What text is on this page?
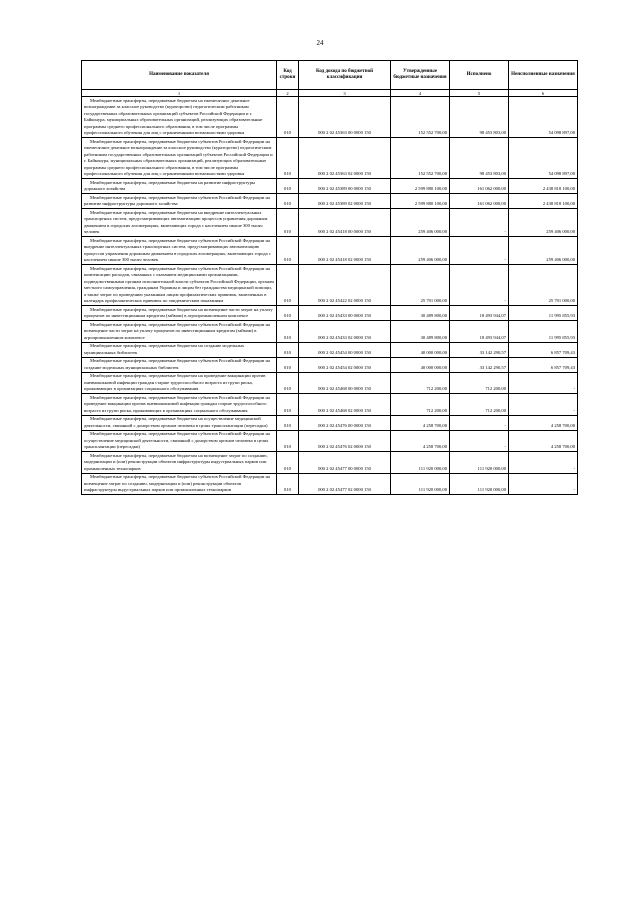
24
Наименование показателя	Код строки	Код дохода по бюджетной классификации	Утвержденные бюджетные назначения	Исполнено	Неисполненные назначения
1	2	3	4	5	6
Межбюджетные трансферты, передаваемые бюджетам на ежемесячное денежное вознаграждение за классное руководство (кураторство) педагогическим работникам государственных образовательных организаций субъектов Российской Федерации и г. Байконура, муниципальных образовательных организаций, реализующих образовательные программы среднего профессионального образования, в том числе программы профессионального обучения для лиц с ограниченными возможностями здоровья	010	000 2 02 45363 00 0000 150	152 552 700,00	98 453 803,00	54 098 897,00
Межбюджетные трансферты, передаваемые бюджетам субъектов Российской Федерации на ежемесячное денежное вознаграждение за классное руководство (кураторство) педагогическим работникам государственных образовательных организаций субъектов Российской Федерации и г. Байконура, муниципальных образовательных организаций, реализующих образовательные программы среднего профессионального образования, в том числе программы профессионального обучения для лиц с ограниченными возможностями здоровья	010	000 2 02 45363 02 0000 150	152 552 700,00	98 453 803,00	54 098 897,00
Межбюджетные трансферты, передаваемые бюджетам на развитие инфраструктуры дорожного хозяйства	010	000 2 02 45389 00 0000 150	2 599 880 100,00	161 062 000,00	2 438 818 100,00
Межбюджетные трансферты, передаваемые бюджетам субъектов Российской Федерации на развитие инфраструктуры дорожного хозяйства	010	000 2 02 45389 02 0000 150	2 599 880 100,00	161 062 000,00	2 438 818 100,00
Межбюджетные трансферты, передаваемые бюджетам на внедрение интеллектуальных транспортных систем, предусматривающих автоматизацию процессов управления дорожным движением в городских агломерациях, включающих города с населением свыше 300 тысяч человек	010	000 2 02 45418 00 0000 150	259 406 000,00	-	259 406 000,00
Межбюджетные трансферты, передаваемые бюджетам субъектов Российской Федерации на внедрение интеллектуальных транспортных систем, предусматривающих автоматизацию процессов управления дорожным движением в городских агломерациях, включающих города с населением свыше 300 тысяч человек	010	000 2 02 45418 02 0000 150	259 406 000,00	-	259 406 000,00
Межбюджетные трансферты, передаваемые бюджетам субъектов Российской Федерации на компенсацию расходов, связанных с оказанием медицинскими организациями, подведомственными органам исполнительной власти субъектов Российской Федерации, органам местного самоуправления, гражданам Украины и лицам без гражданства медицинской помощи, а также затрат по проведению указанным лицам профилактических прививок, включенных в календарь профилактических прививок по эпидемическим показаниям	010	000 2 02 45422 02 0000 150	25 701 000,00	-	25 701 000,00
Межбюджетные трансферты, передаваемые бюджетам на возмещение части затрат на уплату процентов по инвестиционным кредитам (займам) в агропромышленном комплексе	010	000 2 02 45433 00 0000 150	30 489 800,00	18 493 944,07	11 995 855,93
Межбюджетные трансферты, передаваемые бюджетам субъектов Российской Федерации на возмещение части затрат на уплату процентов по инвестиционным кредитам (займам) в агропромышленном комплексе	010	000 2 02 45433 02 0000 150	30 489 800,00	18 493 944,07	11 995 855,93
Межбюджетные трансферты, передаваемые бюджетам на создание модельных муниципальных библиотек	010	000 2 02 45454 00 0000 150	40 000 000,00	33 142 290,57	6 857 709,43
Межбюджетные трансферты, передаваемые бюджетам субъектов Российской Федерации на создание модельных муниципальных библиотек	010	000 2 02 45454 02 0000 150	40 000 000,00	33 142 290,57	6 857 709,43
Межбюджетные трансферты, передаваемые бюджетам на проведение вакцинации против пневмококковой инфекции граждан старше трудоспособного возраста из групп риска, проживающих в организациях социального обслуживания	010	000 2 02 45468 00 0000 150	712 200,00	712 200,00	-
Межбюджетные трансферты, передаваемые бюджетам субъектов Российской Федерации на проведение вакцинации против пневмококковой инфекции граждан старше трудоспособного возраста из групп риска, проживающих в организациях социального обслуживания	010	000 2 02 45468 02 0000 150	712 200,00	712 200,00	-
Межбюджетные трансферты, передаваемые бюджетам на осуществление медицинской деятельности, связанной с донорством органов человека в целях трансплантации (пересадки)	010	000 2 02 45476 00 0000 150	4 258 700,00	-	4 258 700,00
Межбюджетные трансферты, передаваемые бюджетам субъектов Российской Федерации на осуществление медицинской деятельности, связанной с донорством органов человека в целях трансплантации (пересадки)	010	000 2 02 45476 02 0000 150	4 258 700,00	-	4 258 700,00
Межбюджетные трансферты, передаваемые бюджетам на возмещение затрат по созданию, модернизации и (или) реконструкции объектов инфраструктуры индустриальных парков или промышленных технопарков	010	000 2 02 45477 00 0000 150	111 920 000,00	111 920 000,00	-
Межбюджетные трансферты, передаваемые бюджетам субъектов Российской Федерации на возмещение затрат по созданию, модернизации и (или) реконструкции объектов инфраструктуры индустриальных парков или промышленных технопарков	010	000 2 02 45477 02 0000 150	111 920 000,00	111 920 000,00	-
